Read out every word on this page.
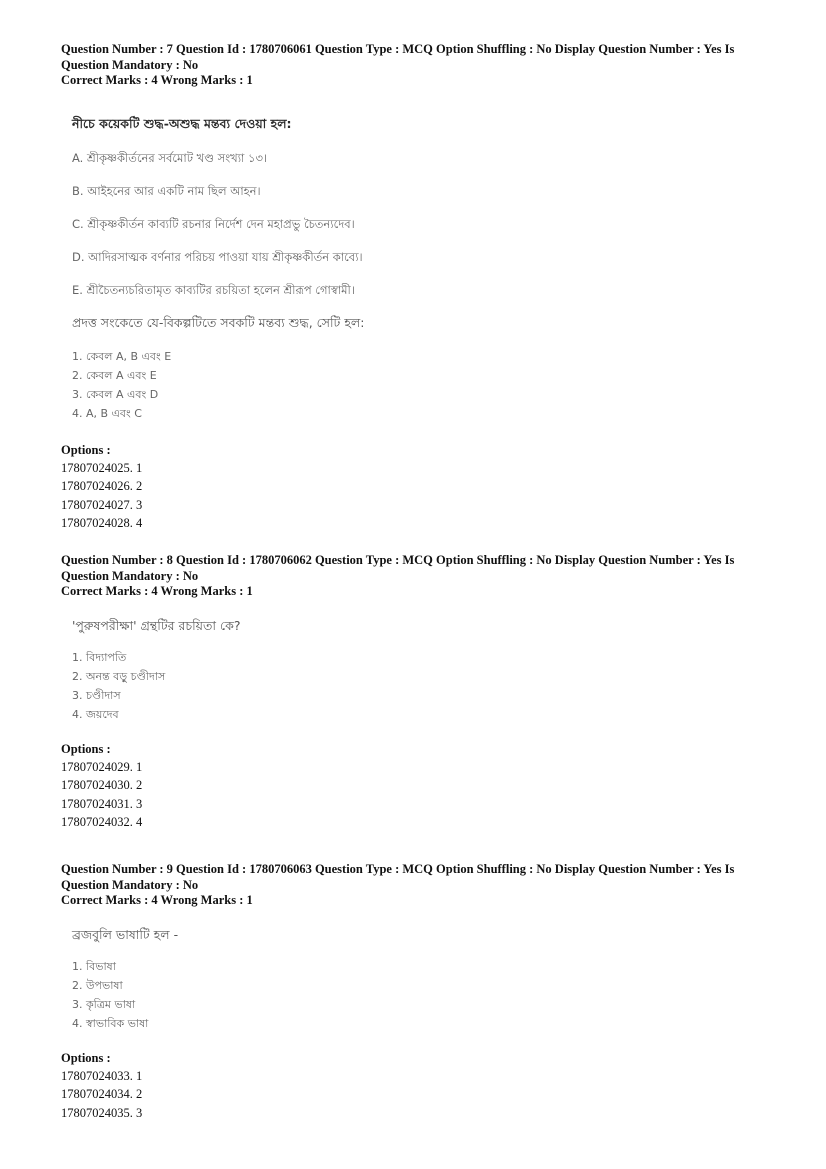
Question Number : 7 Question Id : 1780706061 Question Type : MCQ Option Shuffling : No Display Question Number : Yes Is
Question Mandatory : No
Correct Marks : 4 Wrong Marks : 1
নীচে কয়েকটি শুদ্ধ-অশুদ্ধ মন্তব্য দেওয়া হল:
A. শ্রীকৃষ্ণকীর্তনের সর্বমোট খণ্ড সংখ্যা ১৩।
B. আইহনের আর একটি নাম ছিল আহন।
C. শ্রীকৃষ্ণকীর্তন কাব্যটি রচনার নির্দেশ দেন মহাপ্রভু চৈতন্যদেব।
D. আদিরসাত্মক বর্ণনার পরিচয় পাওয়া যায় শ্রীকৃষ্ণকীর্তন কাব্যে।
E. শ্রীচৈতন্যচরিতামৃত কাব্যটির রচয়িতা হলেন শ্রীরূপ গোস্বামী।
প্রদত্ত সংকেতে যে-বিকল্পটিতে সবকটি মন্তব্য শুদ্ধ, সেটি হল:
1. কেবল A, B এবং E
2. কেবল A এবং E
3. কেবল A এবং D
4. A, B এবং C
Options :
17807024025. 1
17807024026. 2
17807024027. 3
17807024028. 4
Question Number : 8 Question Id : 1780706062 Question Type : MCQ Option Shuffling : No Display Question Number : Yes Is
Question Mandatory : No
Correct Marks : 4 Wrong Marks : 1
'পুরুষপরীক্ষা' গ্রন্থটির রচয়িতা কে?
1. বিদ্যাপতি
2. অনন্ত বড়ু চণ্ডীদাস
3. চণ্ডীদাস
4. জয়দেব
Options :
17807024029. 1
17807024030. 2
17807024031. 3
17807024032. 4
Question Number : 9 Question Id : 1780706063 Question Type : MCQ Option Shuffling : No Display Question Number : Yes Is
Question Mandatory : No
Correct Marks : 4 Wrong Marks : 1
ব্রজবুলি ভাষাটি হল -
1. বিভাষা
2. উপভাষা
3. কৃত্রিম ভাষা
4. স্বাভাবিক ভাষা
Options :
17807024033. 1
17807024034. 2
17807024035. 3
